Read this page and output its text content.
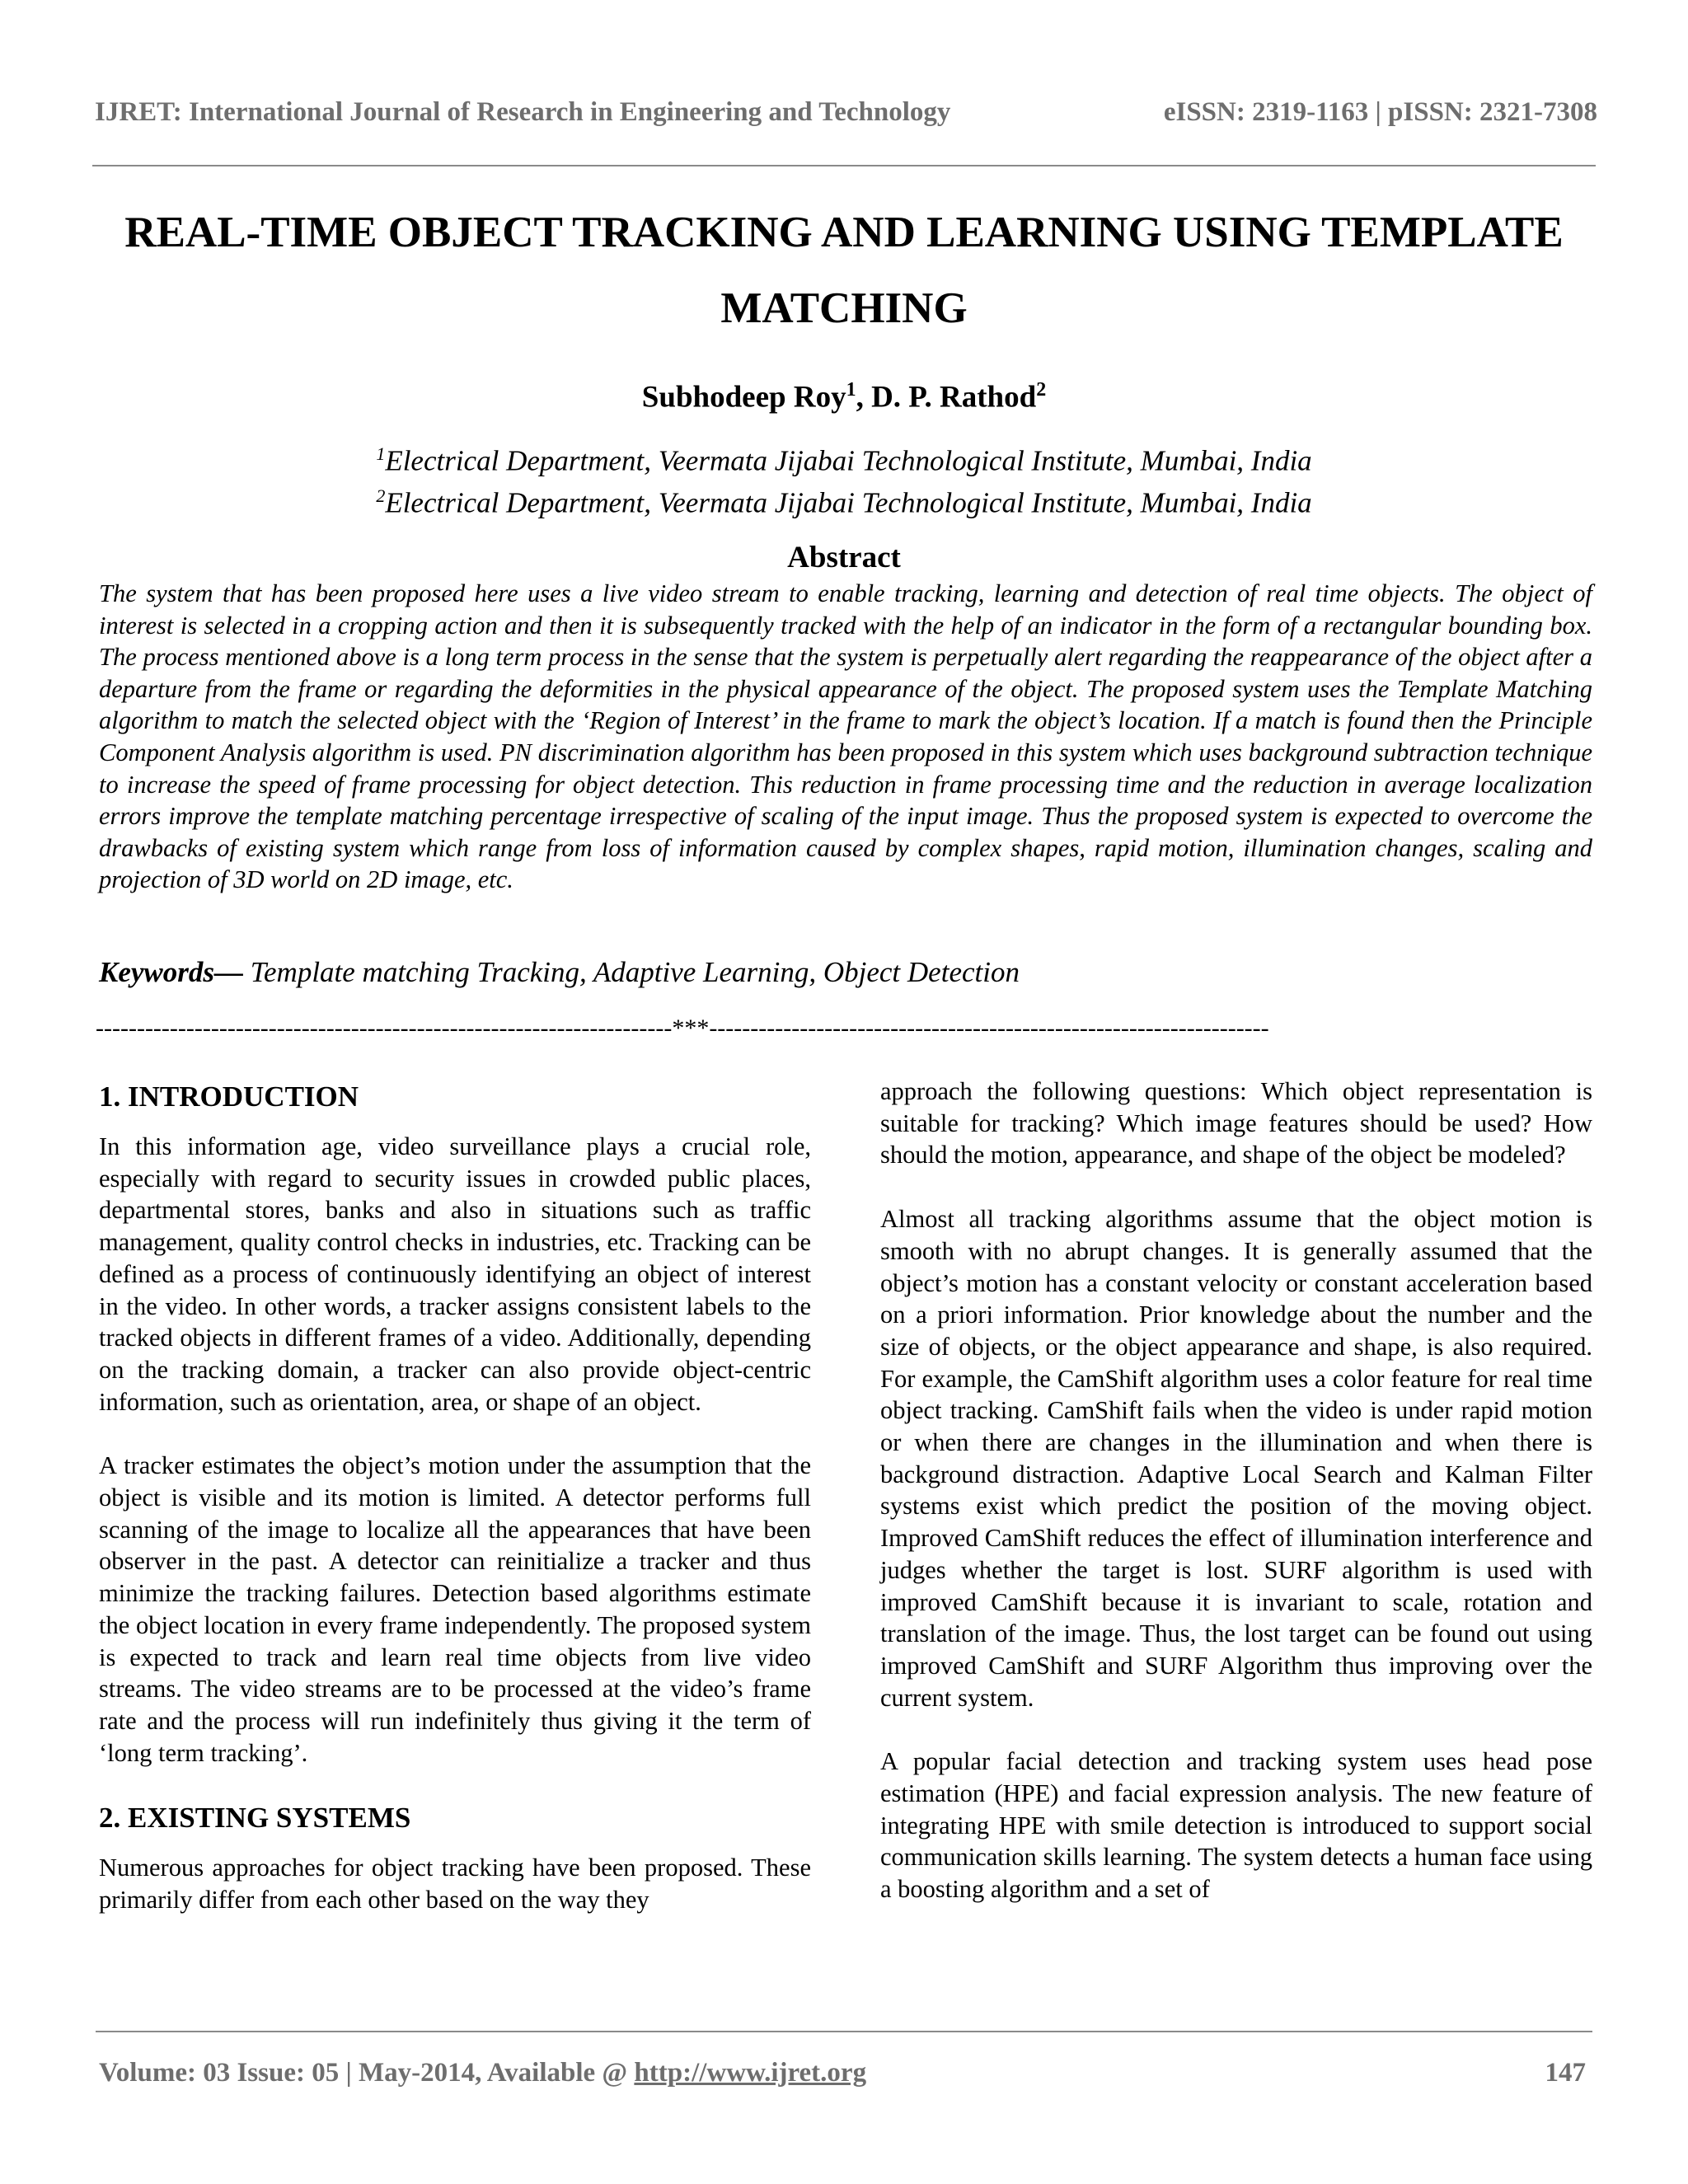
IJRET: International Journal of Research in Engineering and Technology	eISSN: 2319-1163 | pISSN: 2321-7308
REAL-TIME OBJECT TRACKING AND LEARNING USING TEMPLATE MATCHING
Subhodeep Roy$^1$, D. P. Rathod$^2$
$^1$Electrical Department, Veermata Jijabai Technological Institute, Mumbai, India
$^2$Electrical Department, Veermata Jijabai Technological Institute, Mumbai, India
Abstract

The system that has been proposed here uses a live video stream to enable tracking, learning and detection of real time objects. The object of interest is selected in a cropping action and then it is subsequently tracked with the help of an indicator in the form of a rectangular bounding box. The process mentioned above is a long term process in the sense that the system is perpetually alert regarding the reappearance of the object after a departure from the frame or regarding the deformities in the physical appearance of the object. The proposed system uses the Template Matching algorithm to match the selected object with the ‘Region of Interest’ in the frame to mark the object’s location. If a match is found then the Principle Component Analysis algorithm is used. PN discrimination algorithm has been proposed in this system which uses background subtraction technique to increase the speed of frame processing for object detection. This reduction in frame processing time and the reduction in average localization errors improve the template matching percentage irrespective of scaling of the input image. Thus the proposed system is expected to overcome the drawbacks of existing system which range from loss of information caused by complex shapes, rapid motion, illumination changes, scaling and projection of 3D world on 2D image, etc.

Keywords— Template matching Tracking, Adaptive Learning, Object Detection
----------------------------------------------------------------------***--------------------------------------------------------------------
1. INTRODUCTION

In this information age, video surveillance plays a crucial role, especially with regard to security issues in crowded public places, departmental stores, banks and also in situations such as traffic management, quality control checks in industries, etc. Tracking can be defined as a process of continuously identifying an object of interest in the video. In other words, a tracker assigns consistent labels to the tracked objects in different frames of a video. Additionally, depending on the tracking domain, a tracker can also provide object-centric information, such as orientation, area, or shape of an object.

A tracker estimates the object’s motion under the assumption that the object is visible and its motion is limited. A detector performs full scanning of the image to localize all the appearances that have been observer in the past. A detector can reinitialize a tracker and thus minimize the tracking failures. Detection based algorithms estimate the object location in every frame independently. The proposed system is expected to track and learn real time objects from live video streams. The video streams are to be processed at the video’s frame rate and the process will run indefinitely thus giving it the term of ‘long term tracking’.

2. EXISTING SYSTEMS

Numerous approaches for object tracking have been proposed. These primarily differ from each other based on the way they

approach the following questions: Which object representation is suitable for tracking? Which image features should be used? How should the motion, appearance, and shape of the object be modeled?

Almost all tracking algorithms assume that the object motion is smooth with no abrupt changes. It is generally assumed that the object’s motion has a constant velocity or constant acceleration based on a priori information. Prior knowledge about the number and the size of objects, or the object appearance and shape, is also required. For example, the CamShift algorithm uses a color feature for real time object tracking. CamShift fails when the video is under rapid motion or when there are changes in the illumination and when there is background distraction. Adaptive Local Search and Kalman Filter systems exist which predict the position of the moving object. Improved CamShift reduces the effect of illumination interference and judges whether the target is lost. SURF algorithm is used with improved CamShift because it is invariant to scale, rotation and translation of the image. Thus, the lost target can be found out using improved CamShift and SURF Algorithm thus improving over the current system.

A popular facial detection and tracking system uses head pose estimation (HPE) and facial expression analysis. The new feature of integrating HPE with smile detection is introduced to support social communication skills learning. The system detects a human face using a boosting algorithm and a set of

Volume: 03 Issue: 05 | May-2014, Available @ http://www.ijret.org	147
